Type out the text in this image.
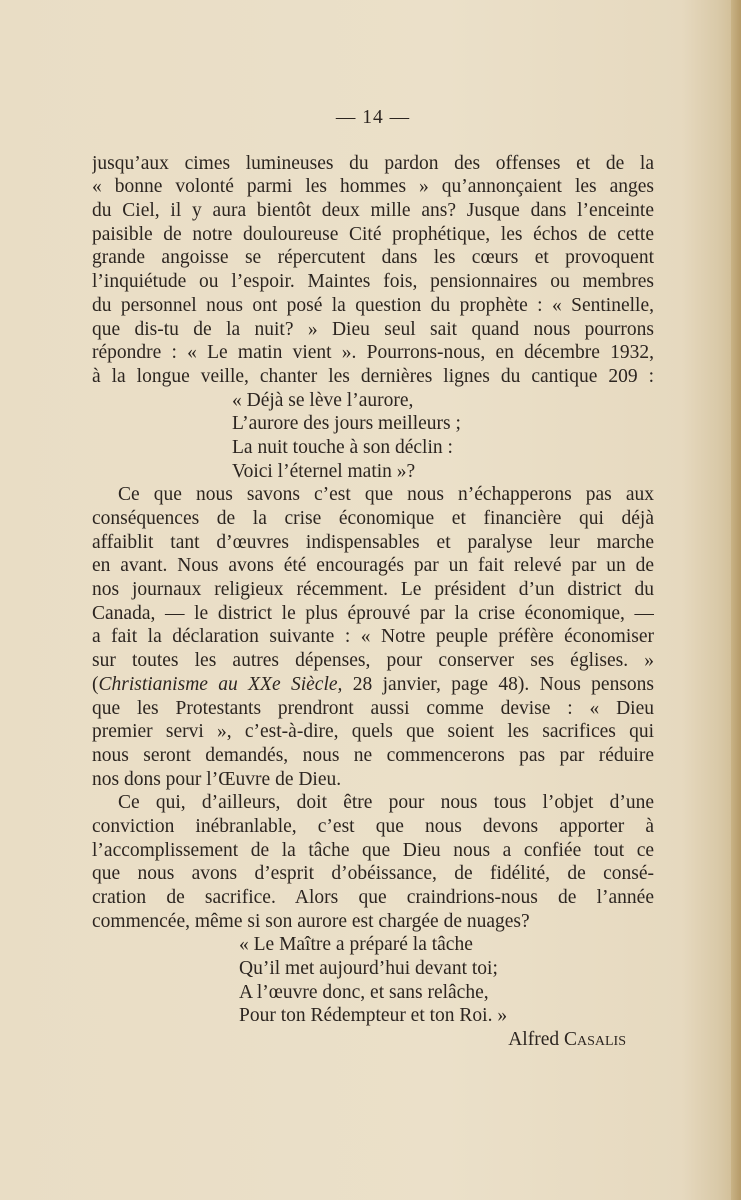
— 14 —
jusqu’aux cimes lumineuses du pardon des offenses et de la
« bonne volonté parmi les hommes » qu’annonçaient les anges
du Ciel, il y aura bientôt deux mille ans? Jusque dans l’enceinte
paisible de notre douloureuse Cité prophétique, les échos de cette
grande angoisse se répercutent dans les cœurs et provoquent
l’inquiétude ou l’espoir. Maintes fois, pensionnaires ou membres
du personnel nous ont posé la question du prophète : « Sentinelle,
que dis-tu de la nuit? » Dieu seul sait quand nous pourrons
répondre : « Le matin vient ». Pourrons-nous, en décembre 1932,
à la longue veille, chanter les dernières lignes du cantique 209 :
« Déjà se lève l’aurore,
L’aurore des jours meilleurs ;
La nuit touche à son déclin :
Voici l’éternel matin »?
Ce que nous savons c’est que nous n’échapperons pas aux
conséquences de la crise économique et financière qui déjà
affaiblit tant d’œuvres indispensables et paralyse leur marche
en avant. Nous avons été encouragés par un fait relevé par un de
nos journaux religieux récemment. Le président d’un district du
Canada, — le district le plus éprouvé par la crise économique, —
a fait la déclaration suivante : « Notre peuple préfère économiser
sur toutes les autres dépenses, pour conserver ses églises. »
(Christianisme au XXe Siècle, 28 janvier, page 48). Nous pensons
que les Protestants prendront aussi comme devise : « Dieu
premier servi », c’est-à-dire, quels que soient les sacrifices qui
nous seront demandés, nous ne commencerons pas par réduire
nos dons pour l’Œuvre de Dieu.
Ce qui, d’ailleurs, doit être pour nous tous l’objet d’une
conviction inébranlable, c’est que nous devons apporter à
l’accomplissement de la tâche que Dieu nous a confiée tout ce
que nous avons d’esprit d’obéissance, de fidélité, de consé-
cration de sacrifice. Alors que craindrions-nous de l’année
commencée, même si son aurore est chargée de nuages?
« Le Maître a préparé la tâche
Qu’il met aujourd’hui devant toi;
A l’œuvre donc, et sans relâche,
Pour ton Rédempteur et ton Roi. »
Alfred Casalis
